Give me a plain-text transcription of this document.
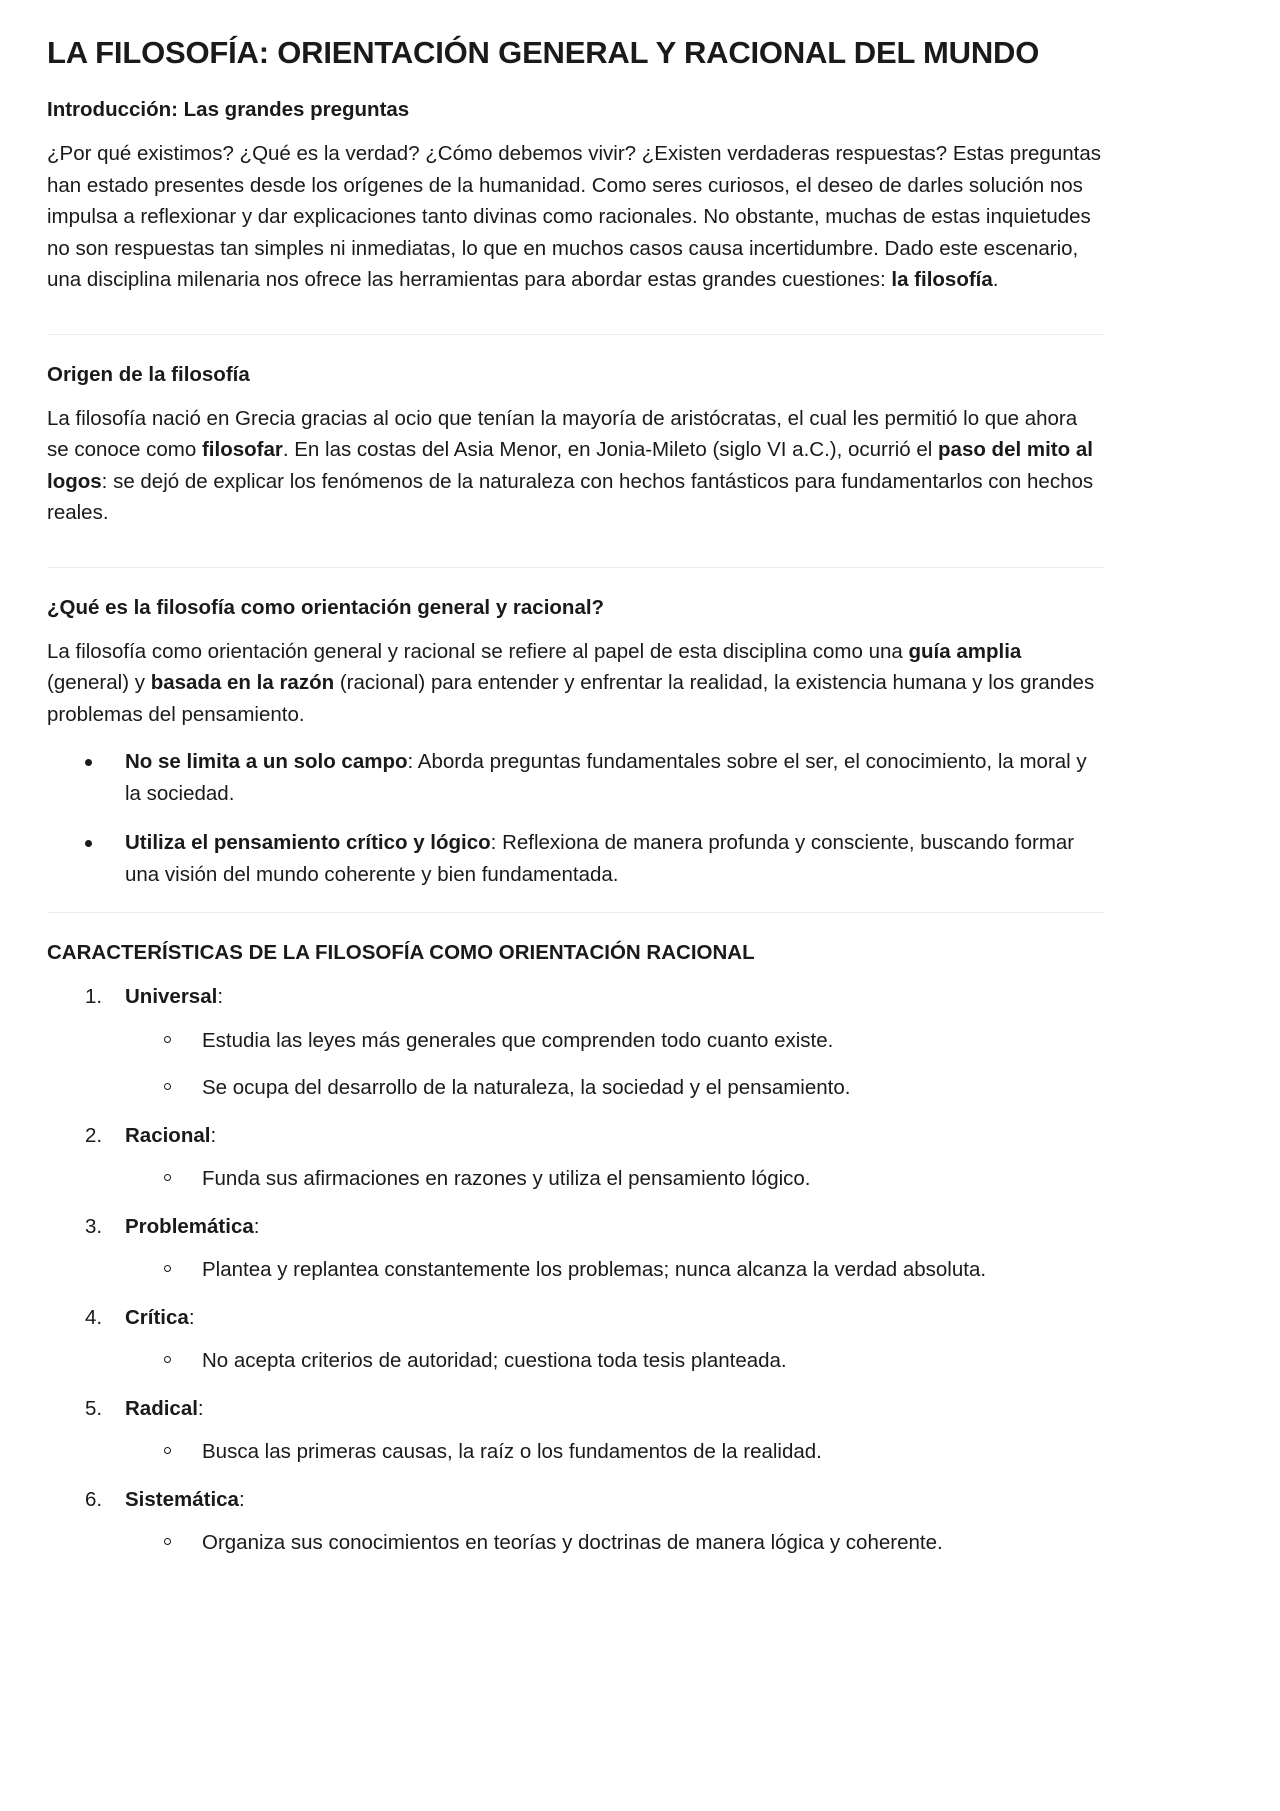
LA FILOSOFÍA: ORIENTACIÓN GENERAL Y RACIONAL DEL MUNDO
Introducción: Las grandes preguntas

¿Por qué existimos? ¿Qué es la verdad? ¿Cómo debemos vivir? ¿Existen verdaderas respuestas? Estas preguntas han estado presentes desde los orígenes de la humanidad. Como seres curiosos, el deseo de darles solución nos impulsa a reflexionar y dar explicaciones tanto divinas como racionales. No obstante, muchas de estas inquietudes no son respuestas tan simples ni inmediatas, lo que en muchos casos causa incertidumbre. Dado este escenario, una disciplina milenaria nos ofrece las herramientas para abordar estas grandes cuestiones: la filosofía.

Origen de la filosofía

La filosofía nació en Grecia gracias al ocio que tenían la mayoría de aristócratas, el cual les permitió lo que ahora se conoce como filosofar. En las costas del Asia Menor, en Jonia-Mileto (siglo VI a.C.), ocurrió el paso del mito al logos: se dejó de explicar los fenómenos de la naturaleza con hechos fantásticos para fundamentarlos con hechos reales.

¿Qué es la filosofía como orientación general y racional?

La filosofía como orientación general y racional se refiere al papel de esta disciplina como una guía amplia (general) y basada en la razón (racional) para entender y enfrentar la realidad, la existencia humana y los grandes problemas del pensamiento.

No se limita a un solo campo: Aborda preguntas fundamentales sobre el ser, el conocimiento, la moral y la sociedad.
Utiliza el pensamiento crítico y lógico: Reflexiona de manera profunda y consciente, buscando formar una visión del mundo coherente y bien fundamentada.
CARACTERÍSTICAS DE LA FILOSOFÍA COMO ORIENTACIÓN RACIONAL
1.	Universal:
Estudia las leyes más generales que comprenden todo cuanto existe.
Se ocupa del desarrollo de la naturaleza, la sociedad y el pensamiento.
2.	Racional:
Funda sus afirmaciones en razones y utiliza el pensamiento lógico.
3.	Problemática:
Plantea y replantea constantemente los problemas; nunca alcanza la verdad absoluta.
4.	Crítica:
No acepta criterios de autoridad; cuestiona toda tesis planteada.
5.	Radical:
Busca las primeras causas, la raíz o los fundamentos de la realidad.
6.	Sistemática:
Organiza sus conocimientos en teorías y doctrinas de manera lógica y coherente.
